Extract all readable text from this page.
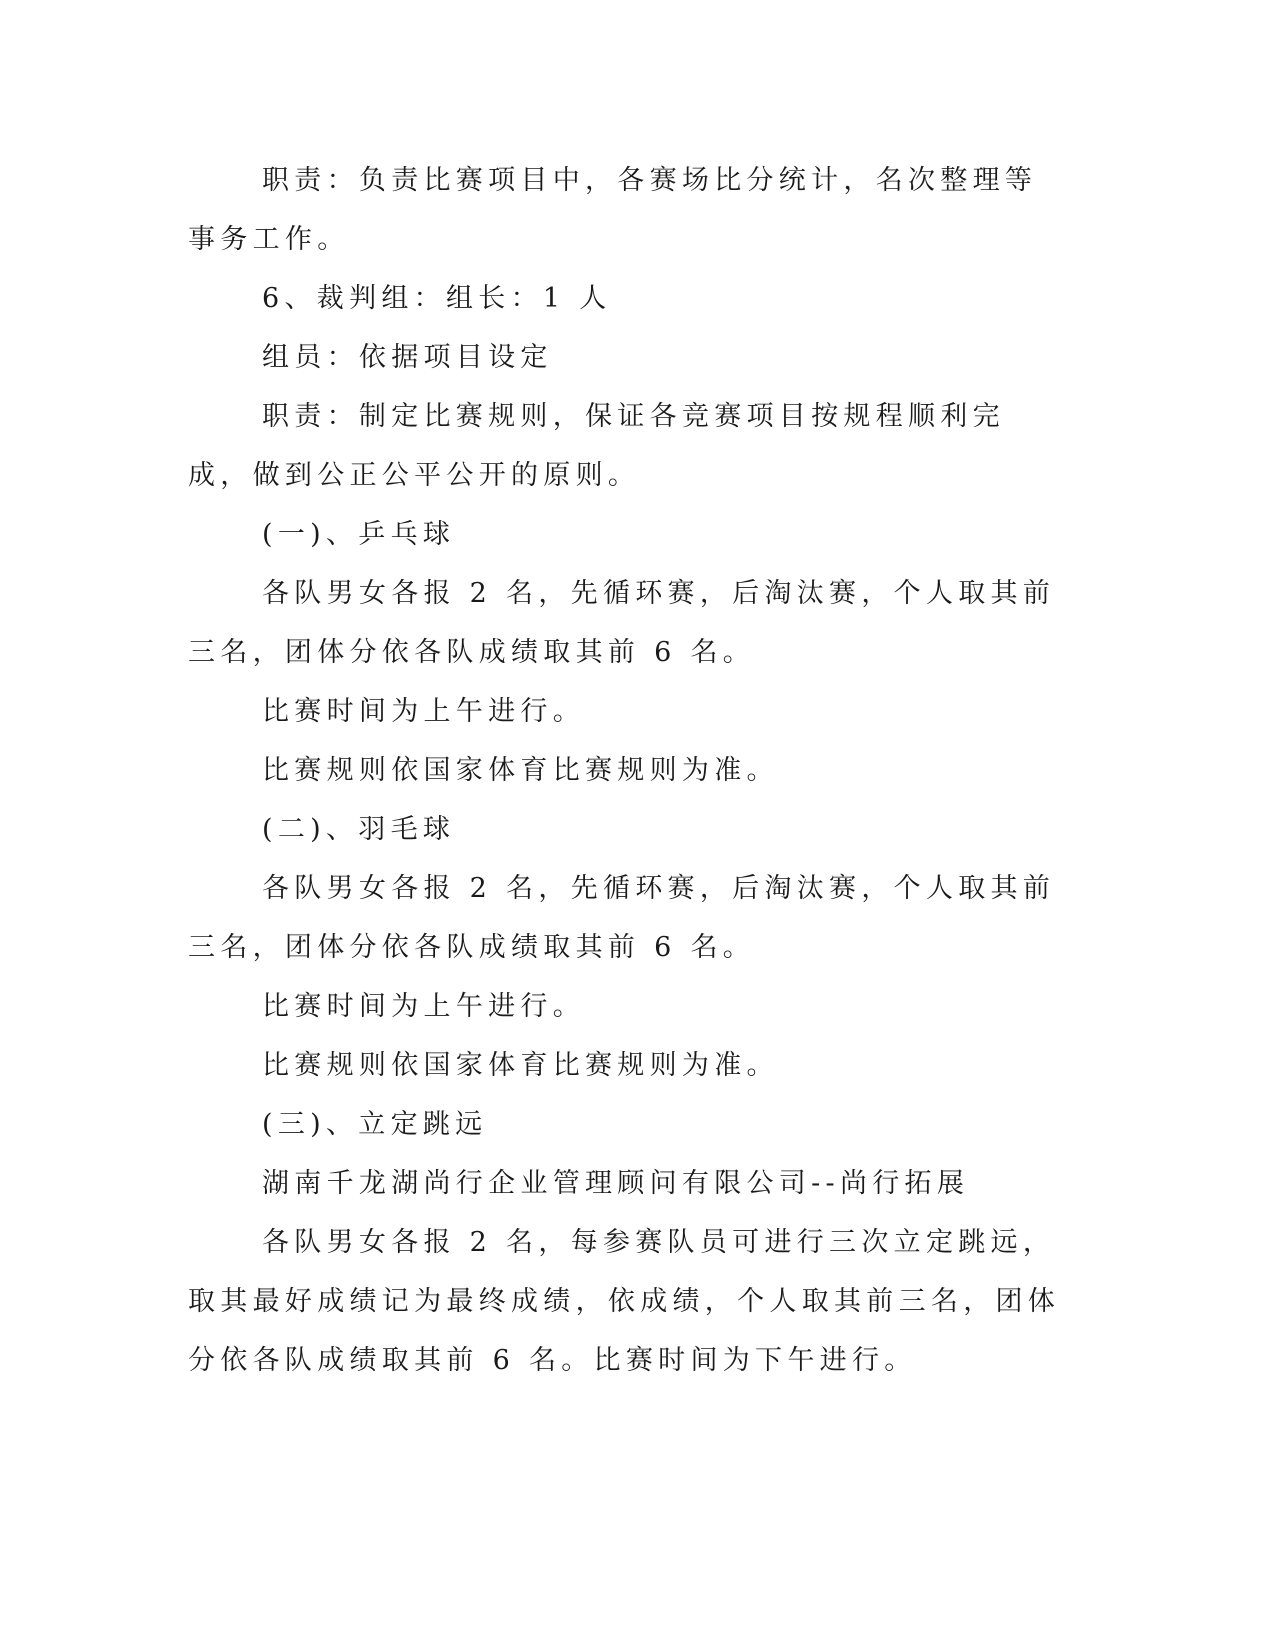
职责：负责比赛项目中，各赛场比分统计，名次整理等事务工作。

6、裁判组：组长：1 人

组员：依据项目设定

职责：制定比赛规则，保证各竞赛项目按规程顺利完成，做到公正公平公开的原则。

(一)、乒乓球

各队男女各报 2 名，先循环赛，后淘汰赛，个人取其前三名，团体分依各队成绩取其前 6 名。

比赛时间为上午进行。

比赛规则依国家体育比赛规则为准。

(二)、羽毛球

各队男女各报 2 名，先循环赛，后淘汰赛，个人取其前三名，团体分依各队成绩取其前 6 名。

比赛时间为上午进行。

比赛规则依国家体育比赛规则为准。

(三)、立定跳远

湖南千龙湖尚行企业管理顾问有限公司--尚行拓展

各队男女各报 2 名，每参赛队员可进行三次立定跳远，取其最好成绩记为最终成绩，依成绩，个人取其前三名，团体分依各队成绩取其前 6 名。比赛时间为下午进行。
